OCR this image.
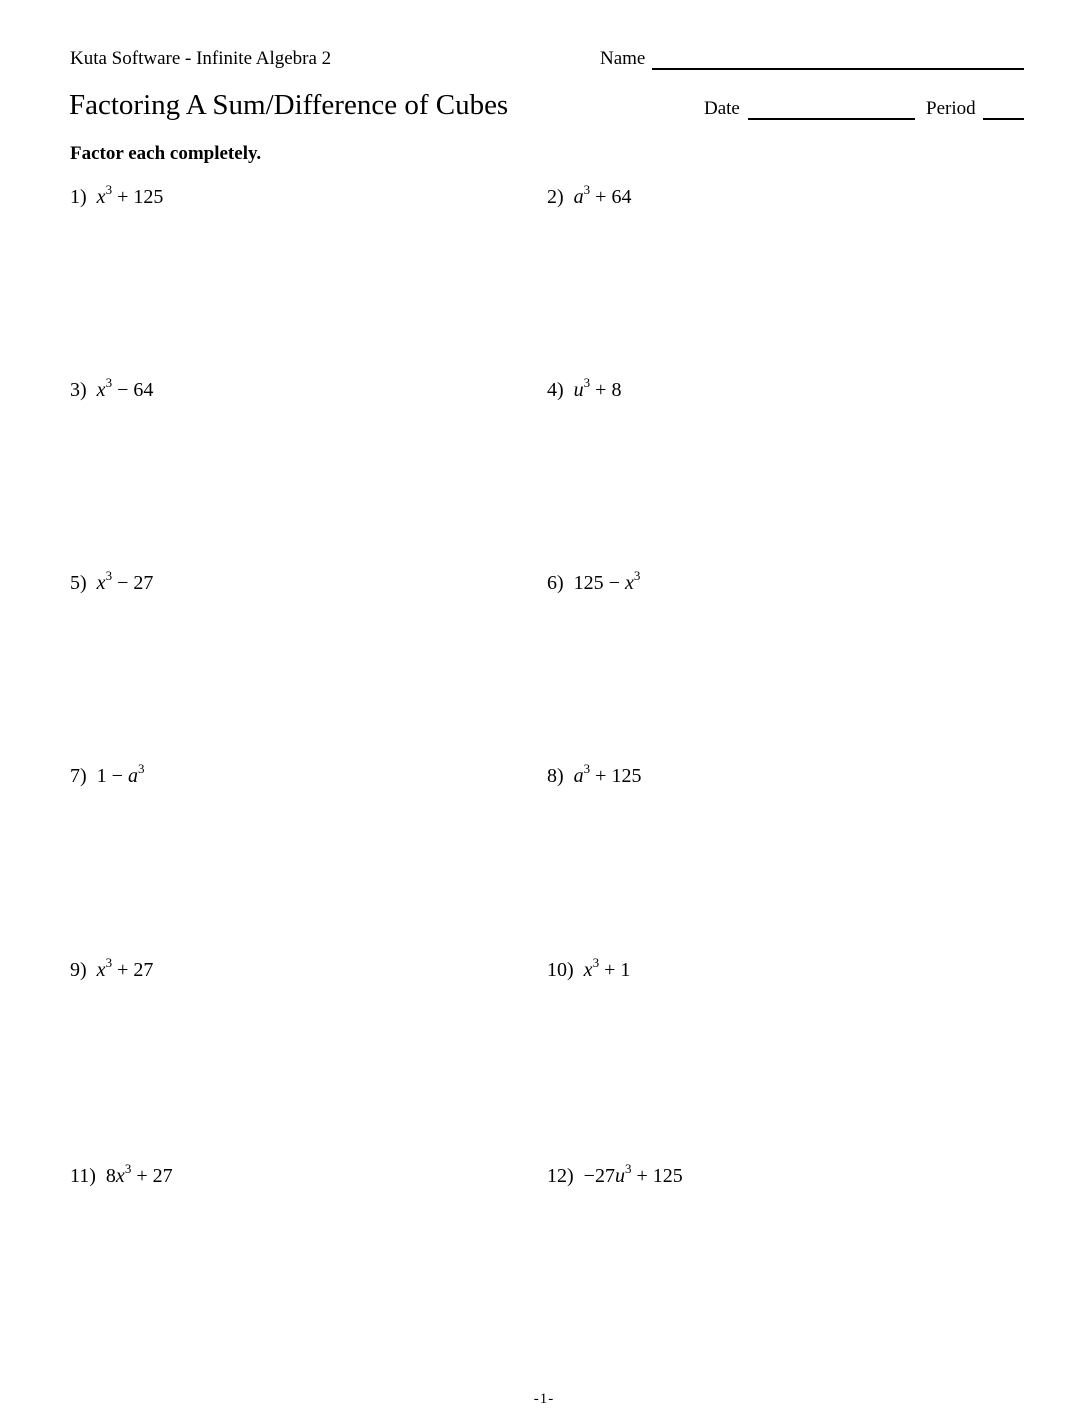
Kuta Software - Infinite Algebra 2	Name
Factoring A Sum/Difference of Cubes	Date	Period
Factor each completely.
1) $x^3 + 125$	2) $a^3 + 64$
3) $x^3 - 64$	4) $u^3 + 8$
5) $x^3 - 27$	6) $125 - x^3$
7) $1 - a^3$	8) $a^3 + 125$
9) $x^3 + 27$	10) $x^3 + 1$
11) $8x^3 + 27$	$12) -27u^3 + 125$
-1-
